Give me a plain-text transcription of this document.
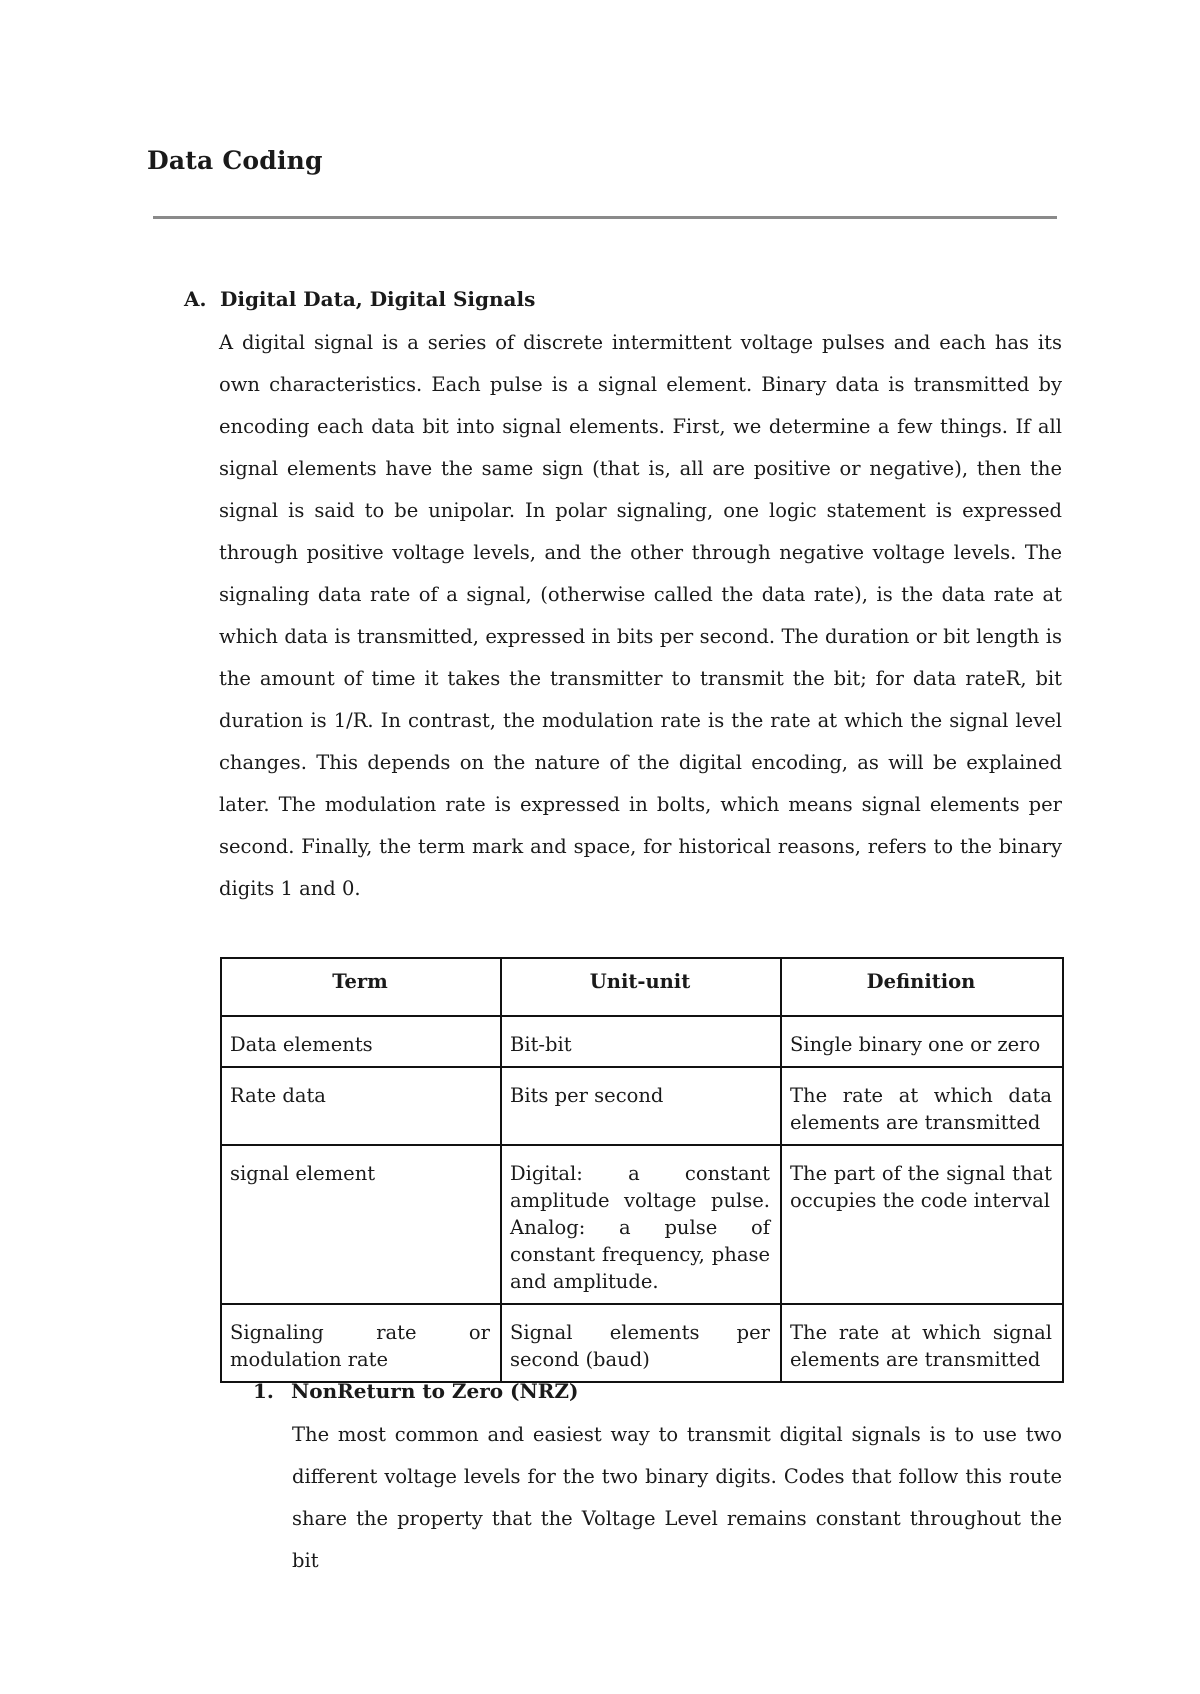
Data Coding
A. Digital Data, Digital Signals

A digital signal is a series of discrete intermittent voltage pulses and each has its own characteristics. Each pulse is a signal element. Binary data is transmitted by encoding each data bit into signal elements. First, we determine a few things. If all signal elements have the same sign (that is, all are positive or negative), then the signal is said to be unipolar. In polar signaling, one logic statement is expressed through positive voltage levels, and the other through negative voltage levels. The signaling data rate of a signal, (otherwise called the data rate), is the data rate at which data is transmitted, expressed in bits per second. The duration or bit length is the amount of time it takes the transmitter to transmit the bit; for data rateR, bit duration is 1/R. In contrast, the modulation rate is the rate at which the signal level changes. This depends on the nature of the digital encoding, as will be explained later. The modulation rate is expressed in bolts, which means signal elements per second. Finally, the term mark and space, for historical reasons, refers to the binary digits 1 and 0.

Term	Unit-unit	Definition
Data elements	Bit-bit	Single binary one or zero
Rate data	Bits per second	The rate at which data elements are transmitted
signal element	Digital: a constant amplitude voltage pulse. Analog: a pulse of constant frequency, phase and amplitude.	The part of the signal that occupies the code interval
Signaling rate or modulation rate	Signal elements per second (baud)	The rate at which signal elements are transmitted
1. NonReturn to Zero (NRZ)

The most common and easiest way to transmit digital signals is to use two different voltage levels for the two binary digits. Codes that follow this route share the property that the Voltage Level remains constant throughout the bit
